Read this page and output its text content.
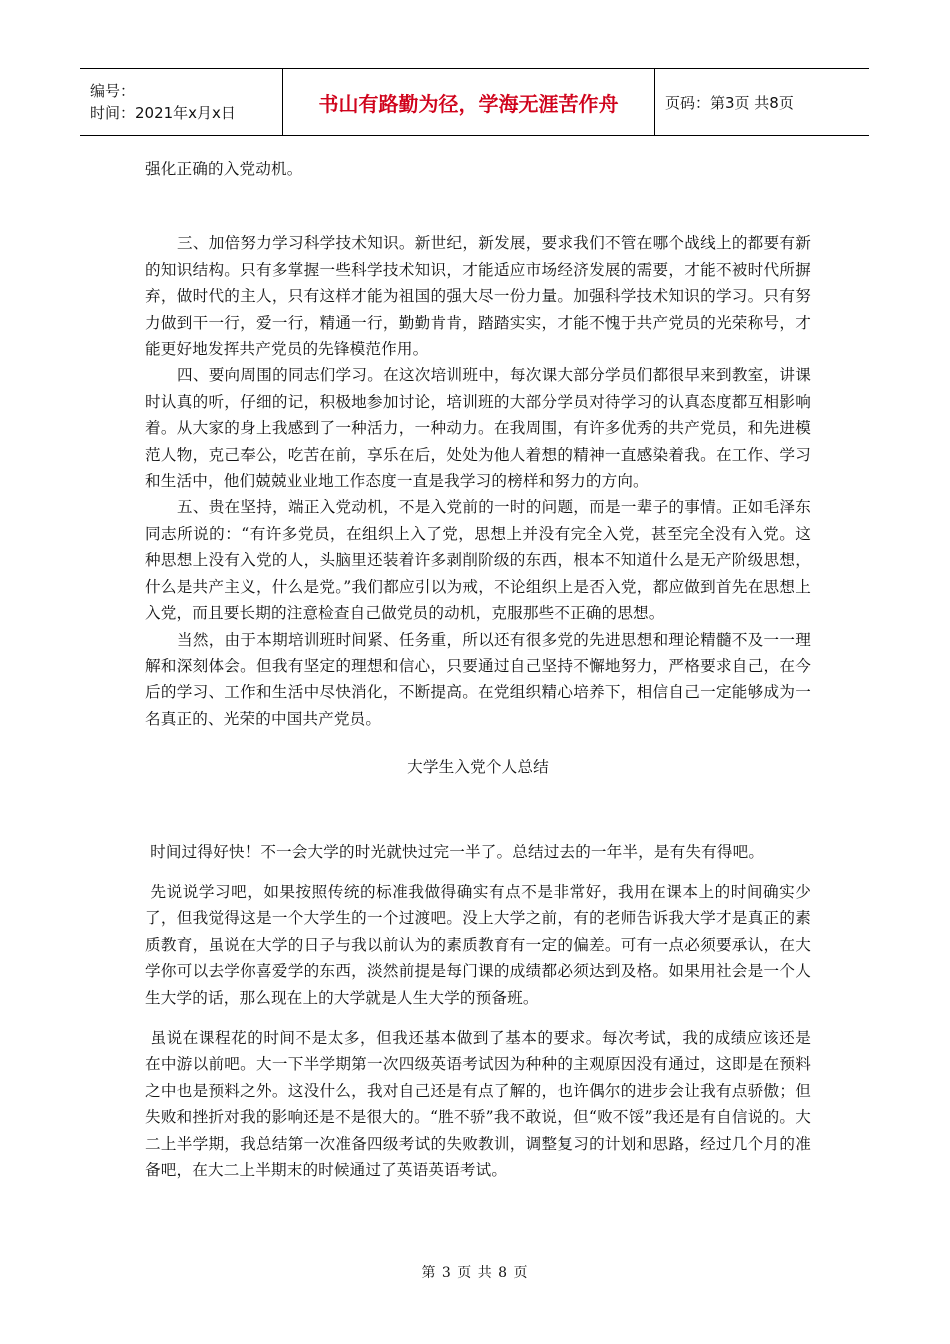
编号：
时间：2021年x月x日	书山有路勤为径，学海无涯苦作舟	页码：第3页 共8页

强化正确的入党动机。

三、加倍努力学习科学技术知识。新世纪，新发展，要求我们不管在哪个战线上的都要有新的知识结构。只有多掌握一些科学技术知识，才能适应市场经济发展的需要，才能不被时代所摒弃，做时代的主人，只有这样才能为祖国的强大尽一份力量。加强科学技术知识的学习。只有努力做到干一行，爱一行，精通一行，勤勤肯肯，踏踏实实，才能不愧于共产党员的光荣称号，才能更好地发挥共产党员的先锋模范作用。

四、要向周围的同志们学习。在这次培训班中，每次课大部分学员们都很早来到教室，讲课时认真的听，仔细的记，积极地参加讨论，培训班的大部分学员对待学习的认真态度都互相影响着。从大家的身上我感到了一种活力，一种动力。在我周围，有许多优秀的共产党员，和先进模范人物，克己奉公，吃苦在前，享乐在后，处处为他人着想的精神一直感染着我。在工作、学习和生活中，他们兢兢业业地工作态度一直是我学习的榜样和努力的方向。

五、贵在坚持，端正入党动机，不是入党前的一时的问题，而是一辈子的事情。正如毛泽东同志所说的：“有许多党员，在组织上入了党，思想上并没有完全入党，甚至完全没有入党。这种思想上没有入党的人，头脑里还装着许多剥削阶级的东西，根本不知道什么是无产阶级思想，什么是共产主义，什么是党。”我们都应引以为戒，不论组织上是否入党，都应做到首先在思想上入党，而且要长期的注意检查自己做党员的动机，克服那些不正确的思想。

当然，由于本期培训班时间紧、任务重，所以还有很多党的先进思想和理论精髓不及一一理解和深刻体会。但我有坚定的理想和信心，只要通过自己坚持不懈地努力，严格要求自己，在今后的学习、工作和生活中尽快消化，不断提高。在党组织精心培养下，相信自己一定能够成为一名真正的、光荣的中国共产党员。

大学生入党个人总结

时间过得好快！不一会大学的时光就快过完一半了。总结过去的一年半，是有失有得吧。

先说说学习吧，如果按照传统的标准我做得确实有点不是非常好，我用在课本上的时间确实少了，但我觉得这是一个大学生的一个过渡吧。没上大学之前，有的老师告诉我大学才是真正的素质教育，虽说在大学的日子与我以前认为的素质教育有一定的偏差。可有一点必须要承认，在大学你可以去学你喜爱学的东西，淡然前提是每门课的成绩都必须达到及格。如果用社会是一个人生大学的话，那么现在上的大学就是人生大学的预备班。

虽说在课程花的时间不是太多，但我还基本做到了基本的要求。每次考试，我的成绩应该还是在中游以前吧。大一下半学期第一次四级英语考试因为种种的主观原因没有通过，这即是在预料之中也是预料之外。这没什么，我对自己还是有点了解的，也许偶尔的进步会让我有点骄傲；但失败和挫折对我的影响还是不是很大的。“胜不骄”我不敢说，但“败不馁”我还是有自信说的。大二上半学期，我总结第一次准备四级考试的失败教训，调整复习的计划和思路，经过几个月的准备吧，在大二上半期末的时候通过了英语英语考试。

第 3 页 共 8 页
